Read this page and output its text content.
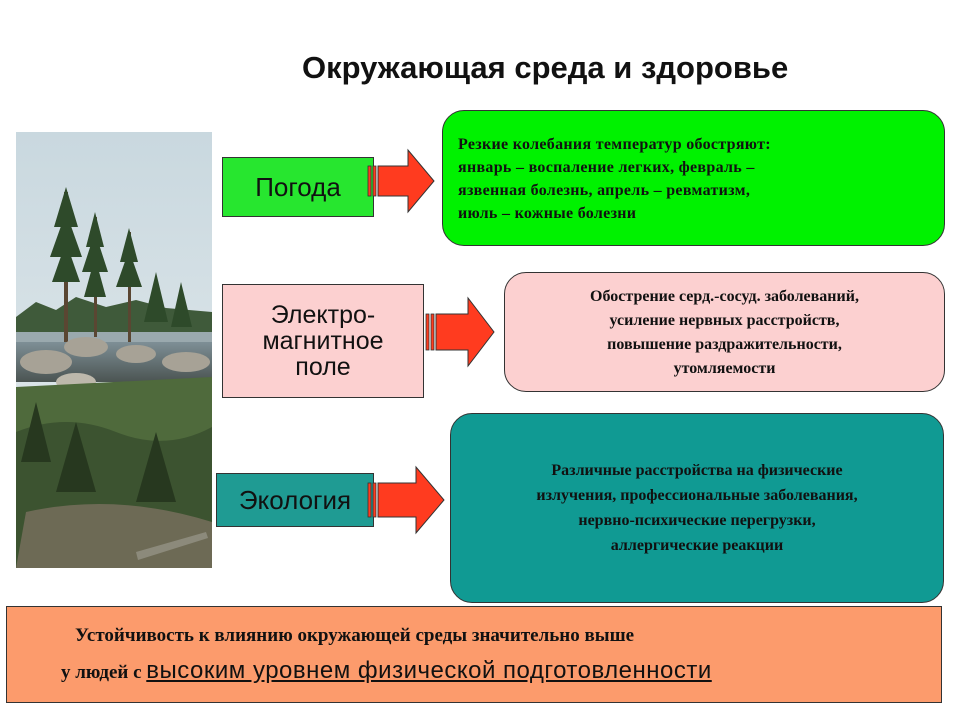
Окружающая среда и здоровье
Погода
Электро-
магнитное
поле
Экология
Резкие колебания температур обостряют:
январь – воспаление легких, февраль –
язвенная болезнь, апрель – ревматизм,
июль – кожные болезни
Обострение серд.-сосуд. заболеваний,
усиление нервных расстройств,
повышение раздражительности,
утомляемости
Различные расстройства на физические
излучения, профессиональные заболевания,
нервно-психические перегрузки,
аллергические реакции
Устойчивость к влиянию окружающей среды значительно выше
у людей с высоким уровнем физической подготовленности
